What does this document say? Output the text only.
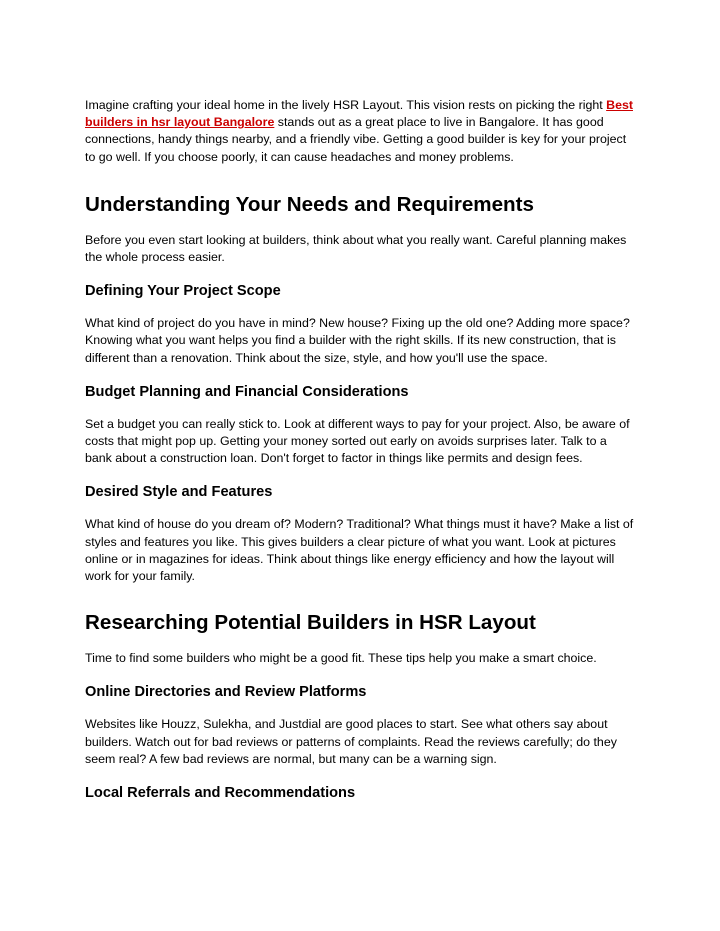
Imagine crafting your ideal home in the lively HSR Layout. This vision rests on picking the right Best builders in hsr layout Bangalore stands out as a great place to live in Bangalore. It has good connections, handy things nearby, and a friendly vibe. Getting a good builder is key for your project to go well. If you choose poorly, it can cause headaches and money problems.

Understanding Your Needs and Requirements

Before you even start looking at builders, think about what you really want. Careful planning makes the whole process easier.

Defining Your Project Scope

What kind of project do you have in mind? New house? Fixing up the old one? Adding more space? Knowing what you want helps you find a builder with the right skills. If its new construction, that is different than a renovation. Think about the size, style, and how you'll use the space.

Budget Planning and Financial Considerations

Set a budget you can really stick to. Look at different ways to pay for your project. Also, be aware of costs that might pop up. Getting your money sorted out early on avoids surprises later. Talk to a bank about a construction loan. Don't forget to factor in things like permits and design fees.

Desired Style and Features

What kind of house do you dream of? Modern? Traditional? What things must it have? Make a list of styles and features you like. This gives builders a clear picture of what you want. Look at pictures online or in magazines for ideas. Think about things like energy efficiency and how the layout will work for your family.

Researching Potential Builders in HSR Layout

Time to find some builders who might be a good fit. These tips help you make a smart choice.

Online Directories and Review Platforms

Websites like Houzz, Sulekha, and Justdial are good places to start. See what others say about builders. Watch out for bad reviews or patterns of complaints. Read the reviews carefully; do they seem real? A few bad reviews are normal, but many can be a warning sign.

Local Referrals and Recommendations
